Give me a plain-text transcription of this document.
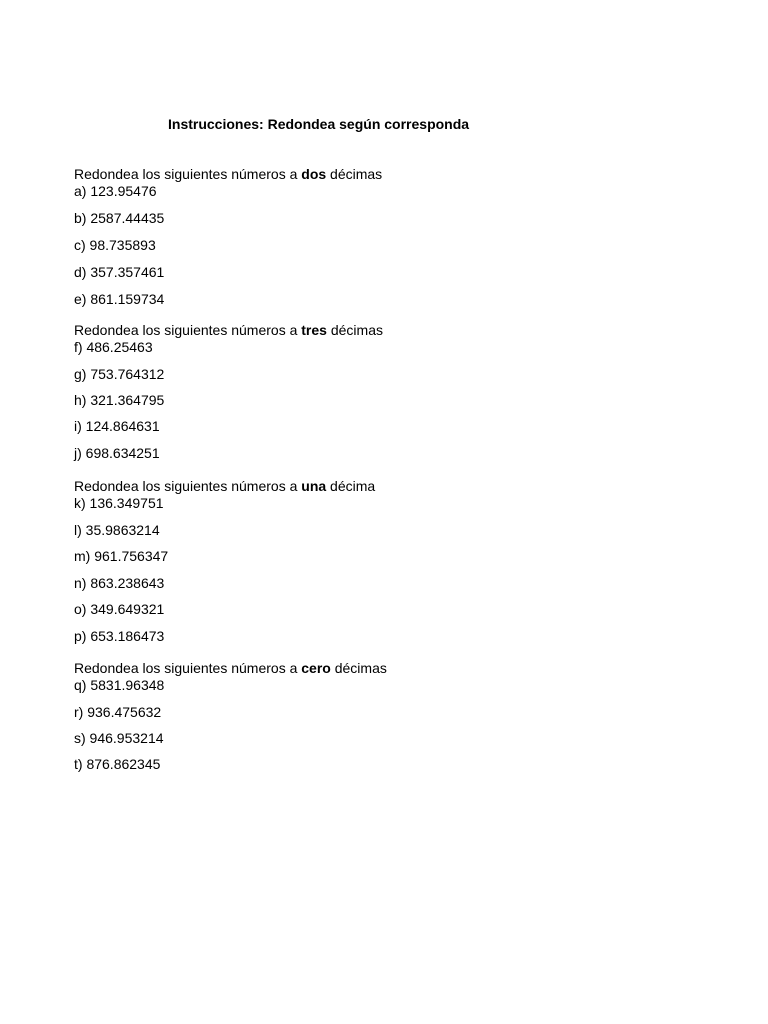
Instrucciones: Redondea según corresponda
Redondea los siguientes números a dos décimas
a) 123.95476
b) 2587.44435
c) 98.735893
d) 357.357461
e) 861.159734
Redondea los siguientes números a tres décimas
f) 486.25463
g) 753.764312
h) 321.364795
i) 124.864631
j) 698.634251
Redondea los siguientes números a una décima
k) 136.349751
l) 35.9863214
m) 961.756347
n) 863.238643
o) 349.649321
p) 653.186473
Redondea los siguientes números a cero décimas
q) 5831.96348
r) 936.475632
s) 946.953214
t) 876.862345
